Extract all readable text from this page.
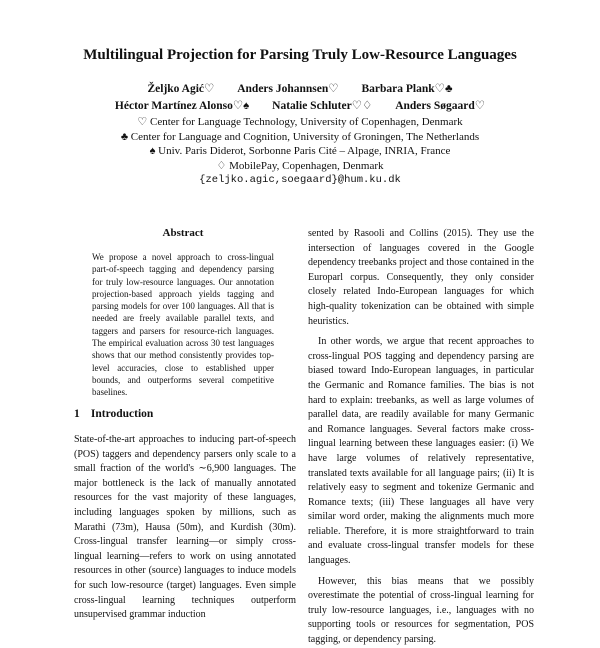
Multilingual Projection for Parsing Truly Low-Resource Languages
Željko Agić♡ Anders Johannsen♡ Barbara Plank♡♣
Héctor Martínez Alonso♡♠ Natalie Schluter♡♢ Anders Søgaard♡
♡ Center for Language Technology, University of Copenhagen, Denmark
♣ Center for Language and Cognition, University of Groningen, The Netherlands
♠ Univ. Paris Diderot, Sorbonne Paris Cité – Alpage, INRIA, France
♢ MobilePay, Copenhagen, Denmark
{zeljko.agic,soegaard}@hum.ku.dk
Abstract
We propose a novel approach to cross-lingual part-of-speech tagging and dependency parsing for truly low-resource languages. Our annotation projection-based approach yields tagging and parsing models for over 100 languages. All that is needed are freely available parallel texts, and taggers and parsers for resource-rich languages. The empirical evaluation across 30 test languages shows that our method consistently provides top-level accuracies, close to established upper bounds, and outperforms several competitive baselines.
1 Introduction

State-of-the-art approaches to inducing part-of-speech (POS) taggers and dependency parsers only scale to a small fraction of the world's ∼6,900 languages. The major bottleneck is the lack of manually annotated resources for the vast majority of these languages, including languages spoken by millions, such as Marathi (73m), Hausa (50m), and Kurdish (30m). Cross-lingual transfer learning—or simply cross-lingual learning—refers to work on using annotated resources in other (source) languages to induce models for such low-resource (target) languages. Even simple cross-lingual learning techniques outperform unsupervised grammar induction

sented by Rasooli and Collins (2015). They use the intersection of languages covered in the Google dependency treebanks project and those contained in the Europarl corpus. Consequently, they only consider closely related Indo-European languages for which high-quality tokenization can be obtained with simple heuristics.

In other words, we argue that recent approaches to cross-lingual POS tagging and dependency parsing are biased toward Indo-European languages, in particular the Germanic and Romance families. The bias is not hard to explain: treebanks, as well as large volumes of parallel data, are readily available for many Germanic and Romance languages. Several factors make cross-lingual learning between these languages easier: (i) We have large volumes of relatively representative, translated texts available for all language pairs; (ii) It is relatively easy to segment and tokenize Germanic and Romance texts; (iii) These languages all have very similar word order, making the alignments much more reliable. Therefore, it is more straightforward to train and evaluate cross-lingual transfer models for these languages.

However, this bias means that we possibly overestimate the potential of cross-lingual learning for truly low-resource languages, i.e., languages with no supporting tools or resources for segmentation, POS tagging, or dependency parsing.
